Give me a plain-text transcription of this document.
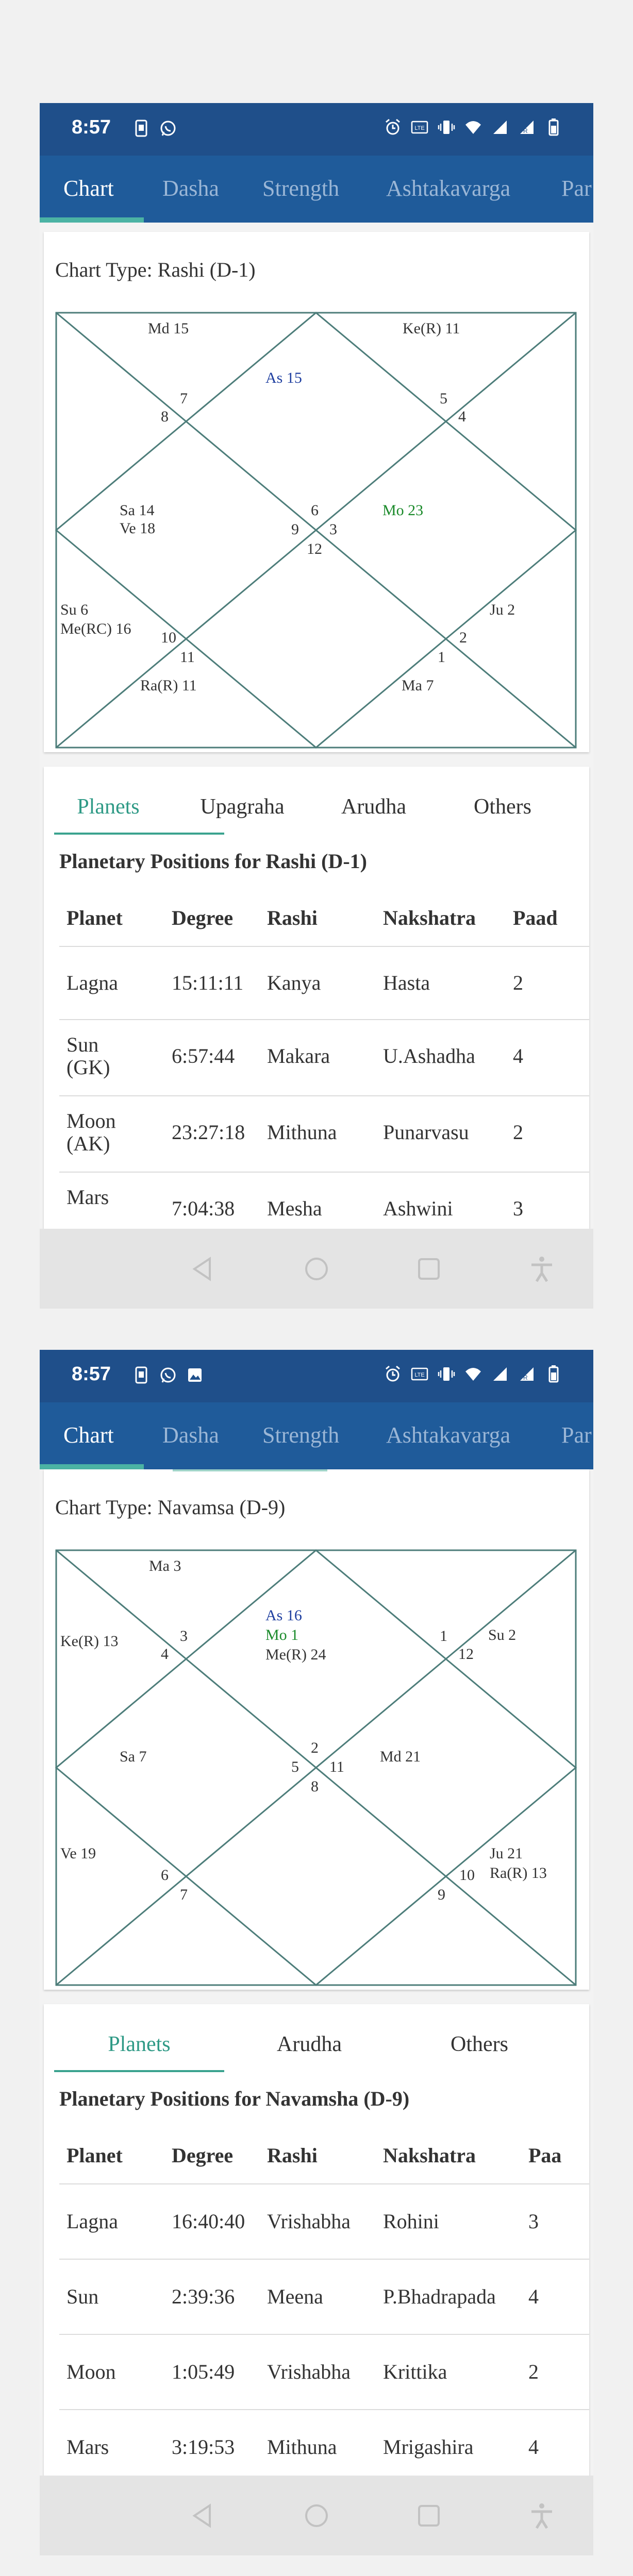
8:57	LTE	R
Chart Dasha Strength Ashtakavarga Par
Chart Type: Rashi (D-1)
Md 15
As 15
Ke(R) 11
Sa 14
Ve 18
Mo 23
Su 6
Me(RC) 16
Ra(R) 11	Ma 7
Ju 2
7
8
5
4
6
9 3
12
10
11	1
2
Planets	Upagraha	Arudha	Others
Planetary Positions for Rashi (D-1)
Planet Degree Rashi	Nakshatra Paad
Lagna	15:11:11 Kanya	Hasta	2
Sun
(GK)	6:57:44 Makara	U.Ashadha 4
Moon
(AK)	23:27:18 Mithuna Punarvasu 2
Mars	7:04:38 Mesha	Ashwini	3
8:57	LTE	R
Chart Dasha Strength Ashtakavarga Par
Chart Type: Navamsa (D-9)
Ma 3
As 16
Mo 1
Me(R) 24
Su 2
Ke(R) 13
Sa 7	Md 21
Ve 19	Ju 21
Ra(R) 13
3
4
1
12
2
5 11
8
6
7
10
9
Planets	Arudha	Others
Planetary Positions for Navamsha (D-9)
Planet Degree Rashi	Nakshatra	Paa
Lagna	16:40:40 Vrishabha Rohini	3
Sun	2:39:36 Meena	P.Bhadrapada 4
Moon	1:05:49 Vrishabha Krittika	2
Mars	3:19:53 Mithuna Mrigashira	4
